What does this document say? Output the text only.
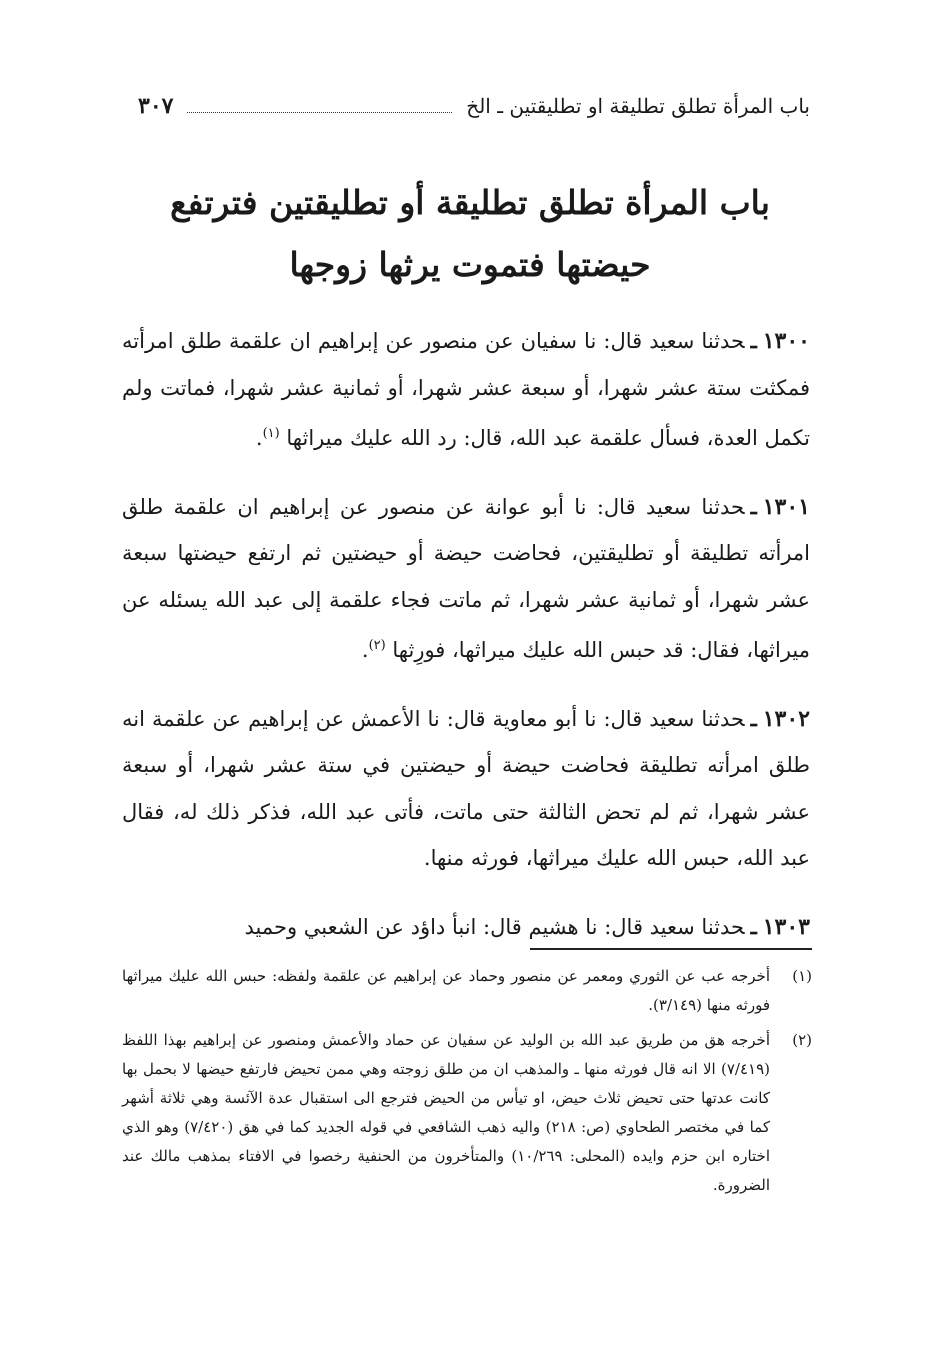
باب المرأة تطلق تطليقة او تطليقتين ـ الخ
٣٠٧
باب المرأة تطلق تطليقة أو تطليقتين فترتفع
حيضتها فتموت يرثها زوجها

١٣٠٠ـحدثنا سعيد قال: نا سفيان عن منصور عن إبراهيم ان علقمة طلق امرأته فمكثت ستة عشر شهرا، أو سبعة عشر شهرا، أو ثمانية عشر شهرا، فماتت ولم تكمل العدة، فسأل علقمة عبد الله، قال: رد الله عليك ميراثها $^{(١)}$.

١٣٠١ـحدثنا سعيد قال: نا أبو عوانة عن منصور عن إبراهيم ان علقمة طلق امرأته تطليقة أو تطليقتين، فحاضت حيضة أو حيضتين ثم ارتفع حيضتها سبعة عشر شهرا، أو ثمانية عشر شهرا، ثم ماتت فجاء علقمة إلى عبد الله يسئله عن ميراثها، فقال: قد حبس الله عليك ميراثها، فورِثها $^{(٢)}$.

١٣٠٢ـحدثنا سعيد قال: نا أبو معاوية قال: نا الأعمش عن إبراهيم عن علقمة انه طلق امرأته تطليقة فحاضت حيضة أو حيضتين في ستة عشر شهرا، أو سبعة عشر شهرا، ثم لم تحض الثالثة حتى ماتت، فأتى عبد الله، فذكر ذلك له، فقال عبد الله، حبس الله عليك ميراثها، فورثه منها.

١٣٠٣ـحدثنا سعيد قال: نا هشيم قال: انبأ داؤد عن الشعبي وحميد

(١)
أخرجه عب عن الثوري ومعمر عن منصور وحماد عن إبراهيم عن علقمة ولفظه: حبس الله عليك ميراثها فورثه منها (٣/١٤٩).
(٢)
أخرجه هق من طريق عبد الله بن الوليد عن سفيان عن حماد والأعمش ومنصور عن إبراهيم بهذا اللفظ (٧/٤١٩) الا انه قال فورثه منها ـ والمذهب ان من طلق زوجته وهي ممن تحيض فارتفع حيضها لا بحمل بها كانت عدتها حتى تحيض ثلاث حيض، او تيأس من الحيض فترجع الى استقبال عدة الآئسة وهي ثلاثة أشهر كما في مختصر الطحاوي (ص: ٢١٨) واليه ذهب الشافعي في قوله الجديد كما في هق (٧/٤٢٠) وهو الذي اختاره ابن حزم وايده (المحلى: ١٠/٢٦٩) والمتأخرون من الحنفية رخصوا في الافتاء بمذهب مالك عند الضرورة.
